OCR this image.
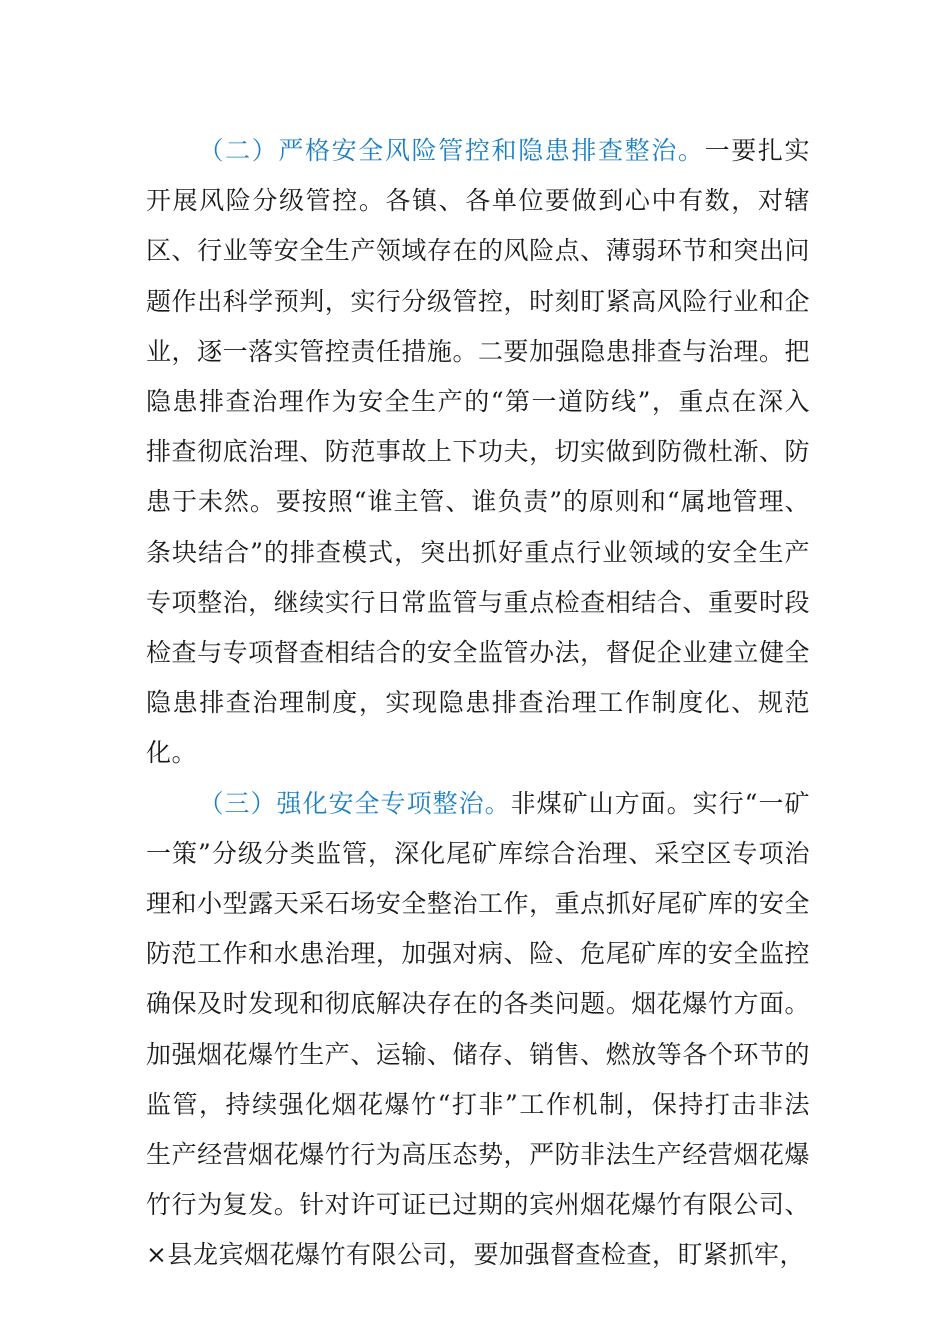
（二）严格安全风险管控和隐患排查整治。一要扎实开展风险分级管控。各镇、各单位要做到心中有数，对辖区、行业等安全生产领域存在的风险点、薄弱环节和突出问题作出科学预判，实行分级管控，时刻盯紧高风险行业和企业，逐一落实管控责任措施。二要加强隐患排查与治理。把隐患排查治理作为安全生产的“第一道防线”，重点在深入排查彻底治理、防范事故上下功夫，切实做到防微杜渐、防患于未然。要按照“谁主管、谁负责”的原则和“属地管理、条块结合”的排查模式，突出抓好重点行业领域的安全生产专项整治，继续实行日常监管与重点检查相结合、重要时段检查与专项督查相结合的安全监管办法，督促企业建立健全隐患排查治理制度，实现隐患排查治理工作制度化、规范化。

（三）强化安全专项整治。非煤矿山方面。实行“一矿一策”分级分类监管，深化尾矿库综合治理、采空区专项治理和小型露天采石场安全整治工作，重点抓好尾矿库的安全防范工作和水患治理，加强对病、险、危尾矿库的安全监控确保及时发现和彻底解决存在的各类问题。烟花爆竹方面。加强烟花爆竹生产、运输、储存、销售、燃放等各个环节的监管，持续强化烟花爆竹“打非”工作机制，保持打击非法生产经营烟花爆竹行为高压态势，严防非法生产经营烟花爆竹行为复发。针对许可证已过期的宾州烟花爆竹有限公司、×县龙宾烟花爆竹有限公司，要加强督查检查，盯紧抓牢，
